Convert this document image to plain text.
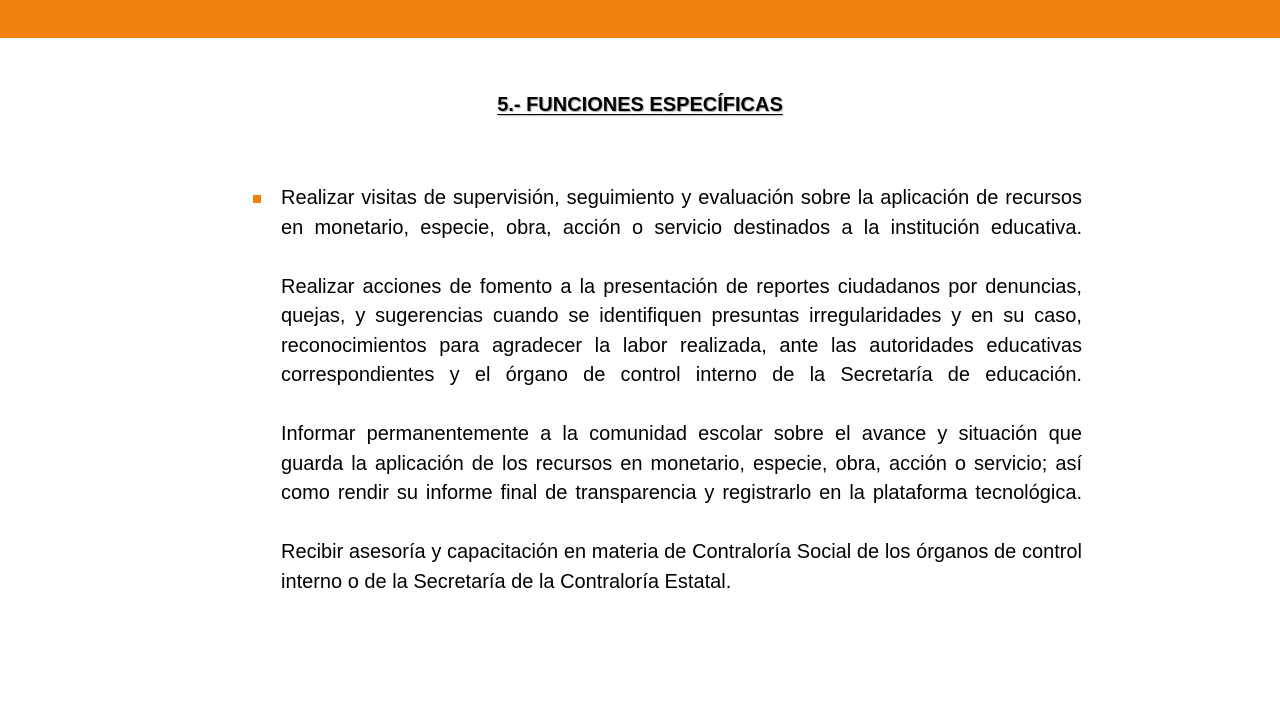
5.- FUNCIONES ESPECÍFICAS

Realizar visitas de supervisión, seguimiento y evaluación sobre la aplicación de recursos en monetario, especie, obra, acción o servicio destinados a la institución educativa.

Realizar acciones de fomento a la presentación de reportes ciudadanos por denuncias, quejas, y sugerencias cuando se identifiquen presuntas irregularidades y en su caso, reconocimientos para agradecer la labor realizada, ante las autoridades educativas correspondientes y el órgano de control interno de la Secretaría de educación.

Informar permanentemente a la comunidad escolar sobre el avance y situación que guarda la aplicación de los recursos en monetario, especie, obra, acción o servicio; así como rendir su informe final de transparencia y registrarlo en la plataforma tecnológica.

Recibir asesoría y capacitación en materia de Contraloría Social de los órganos de control interno o de la Secretaría de la Contraloría Estatal.
